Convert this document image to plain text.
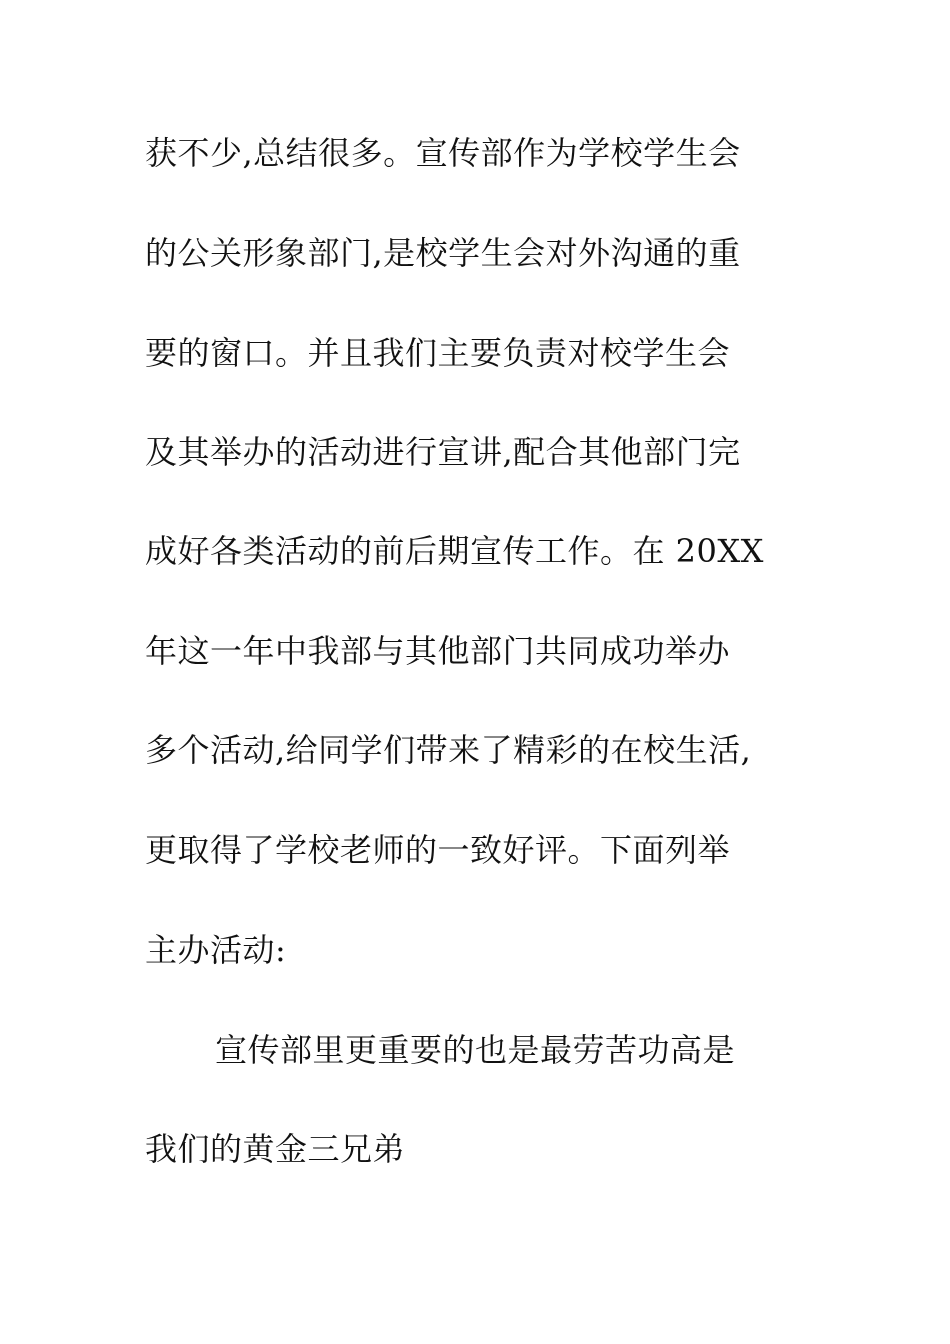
获不少,总结很多。宣传部作为学校学生会
的公关形象部门,是校学生会对外沟通的重
要的窗口。并且我们主要负责对校学生会
及其举办的活动进行宣讲,配合其他部门完
成好各类活动的前后期宣传工作。在 20XX
年这一年中我部与其他部门共同成功举办
多个活动,给同学们带来了精彩的在校生活,
更取得了学校老师的一致好评。下面列举
主办活动:
宣传部里更重要的也是最劳苦功高是
我们的黄金三兄弟
